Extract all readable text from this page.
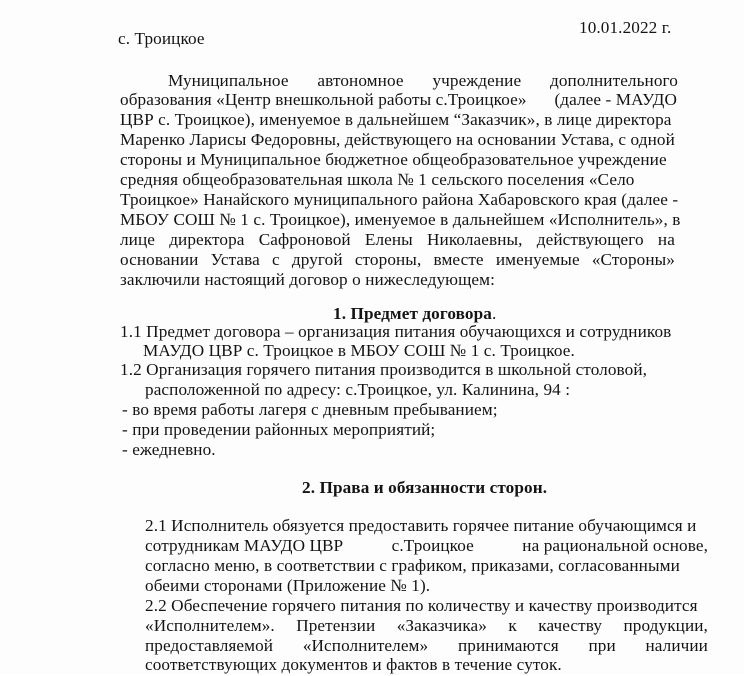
с. Троицкое
10.01.2022 г.
Муниципальное автономное учреждение дополнительного
образования «Центр внешкольной работы с.Троицкое» (далее - МАУДО
ЦВР с. Троицкое), именуемое в дальнейшем “Заказчик», в лице директора
Маренко Ларисы Федоровны, действующего на основании Устава, с одной
стороны и Муниципальное бюджетное общеобразовательное учреждение
средняя общеобразовательная школа № 1 сельского поселения «Село
Троицкое» Нанайского муниципального района Хабаровского края (далее -
МБОУ СОШ № 1 с. Троицкое), именуемое в дальнейшем «Исполнитель», в
лице директора Сафроновой Елены Николаевны, действующего на
основании Устава с другой стороны, вместе именуемые «Стороны»
заключили настоящий договор о нижеследующем:
1. Предмет договора.
1.1 Предмет договора – организация питания обучающихся и сотрудников
МАУДО ЦВР с. Троицкое в МБОУ СОШ № 1 с. Троицкое.
1.2 Организация горячего питания производится в школьной столовой,
расположенной по адресу: с.Троицкое, ул. Калинина, 94 :
- во время работы лагеря с дневным пребыванием;
- при проведении районных мероприятий;
- ежедневно.
2. Права и обязанности сторон.
2.1 Исполнитель обязуется предоставить горячее питание обучающимся и
сотрудникам МАУДО ЦВР	с.Троицкое	на рациональной основе,
согласно меню, в соответствии с графиком, приказами, согласованными
обеими сторонами (Приложение № 1).
2.2 Обеспечение горячего питания по количеству и качеству производится
«Исполнителем». Претензии «Заказчика» к качеству продукции,
предоставляемой «Исполнителем» принимаются при наличии
соответствующих документов и фактов в течение суток.
